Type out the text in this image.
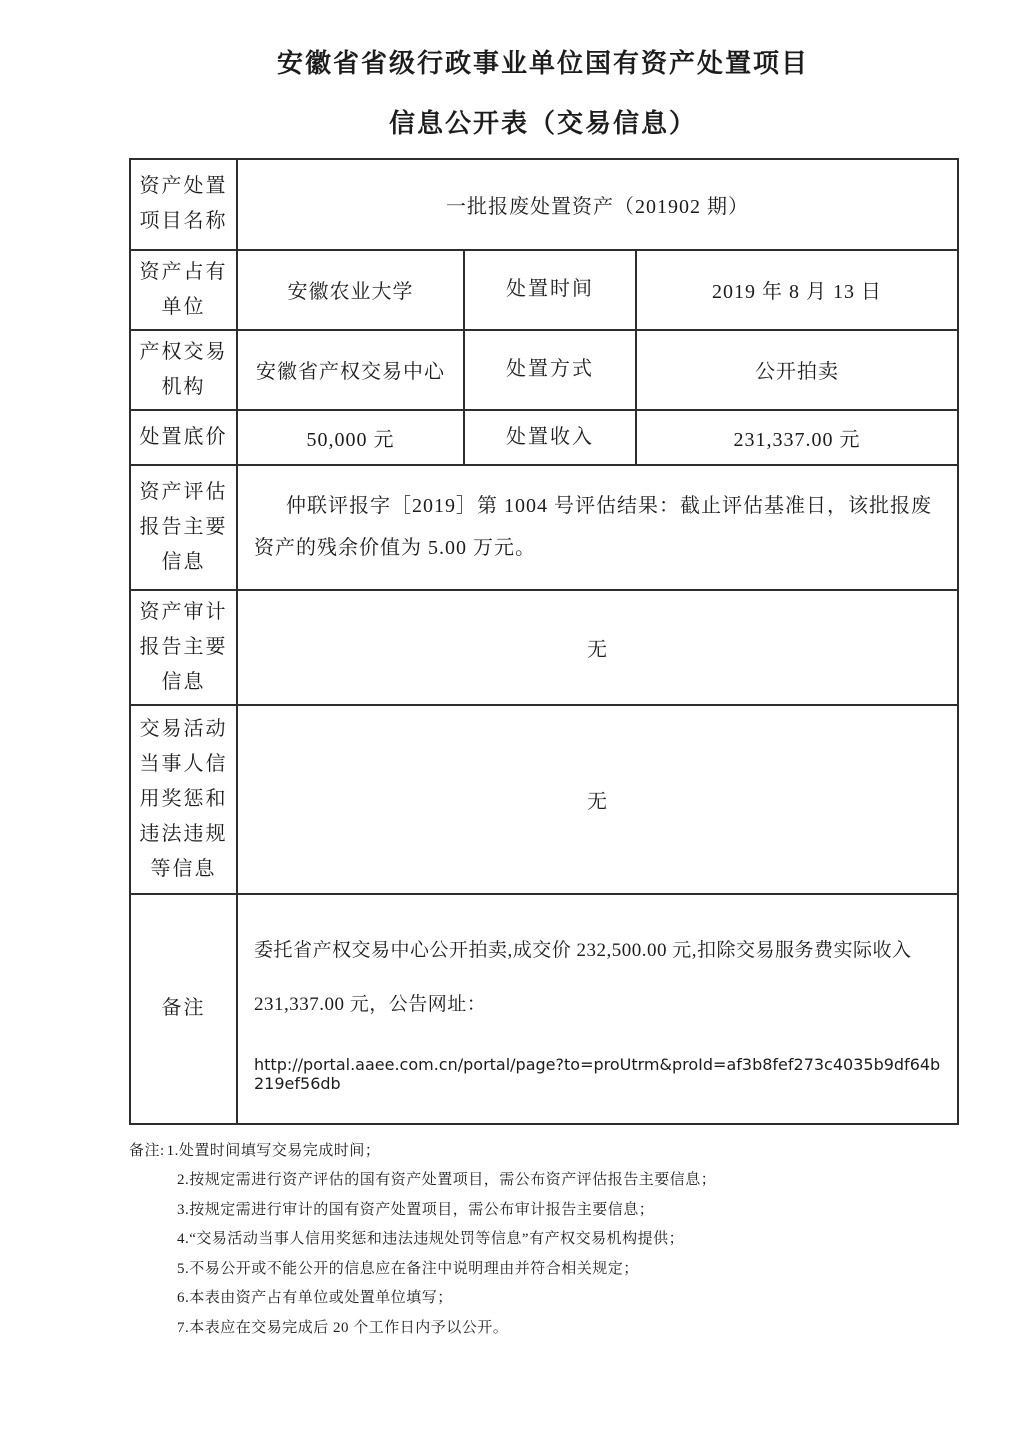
安徽省省级行政事业单位国有资产处置项目
信息公开表（交易信息）
资产处置项目名称	一批报废处置资产（201902 期）		
资产占有单位	安徽农业大学	处置时间	2019 年 8 月 13 日
产权交易机构	安徽省产权交易中心	处置方式	公开拍卖
处置底价	50,000 元	处置收入	231,337.00 元
资产评估报告主要信息	仲联评报字［2019］第 1004 号评估结果：截止评估基准日，该批报废资产的残余价值为 5.00 万元。		

资产审计报告主要信息	无		
交易活动当事人信用奖惩和违法违规等信息	无		
备注	委托省产权交易中心公开拍卖,成交价 232,500.00 元,扣除交易服务费实际收入 231,337.00 元，公告网址：
http://portal.aaee.com.cn/portal/page?to=proUtrm&proId=af3b8fef273c4035b9df64b219ef56db		
备注: 1.处置时间填写交易完成时间；
2.按规定需进行资产评估的国有资产处置项目，需公布资产评估报告主要信息；
3.按规定需进行审计的国有资产处置项目，需公布审计报告主要信息；
4.“交易活动当事人信用奖惩和违法违规处罚等信息”有产权交易机构提供；
5.不易公开或不能公开的信息应在备注中说明理由并符合相关规定；
6.本表由资产占有单位或处置单位填写；
7.本表应在交易完成后 20 个工作日内予以公开。
